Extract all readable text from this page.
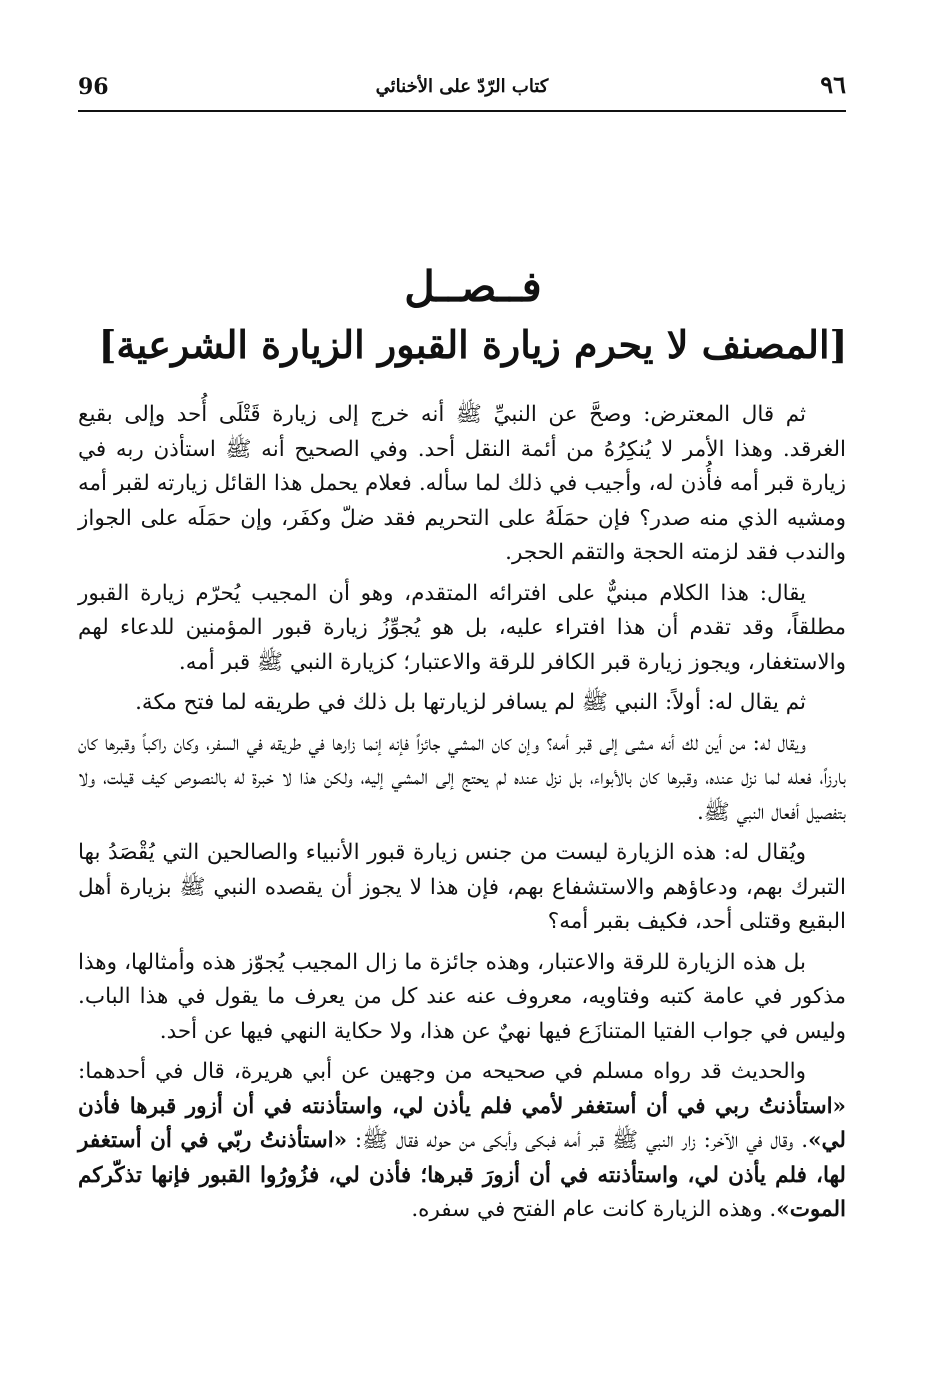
96	كتاب الرّدّ على الأخنائي	٩٦
فــصــل
[المصنف لا يحرم زيارة القبور الزيارة الشرعية]

ثم قال المعترض: وصحَّ عن النبيِّ ﷺ أنه خرج إلى زيارة قَتْلَى أُحد وإلى بقيع الغرقد. وهذا الأمر لا يُنكِرُهُ من أئمة النقل أحد. وفي الصحيح أنه ﷺ استأذن ربه في زيارة قبر أمه فأُذن له، وأجيب في ذلك لما سأله. فعلام يحمل هذا القائل زيارته لقبر أمه ومشيه الذي منه صدر؟ فإن حمَلَهُ على التحريم فقد ضلّ وكفَر، وإن حمَلَه على الجواز والندب فقد لزمته الحجة والتقم الحجر.

يقال: هذا الكلام مبنيٌّ على افترائه المتقدم، وهو أن المجيب يُحرّم زيارة القبور مطلقاً، وقد تقدم أن هذا افتراء عليه، بل هو يُجوِّزُ زيارة قبور المؤمنين للدعاء لهم والاستغفار، ويجوز زيارة قبر الكافر للرقة والاعتبار؛ كزيارة النبي ﷺ قبر أمه.

ثم يقال له: أولاً: النبي ﷺ لم يسافر لزيارتها بل ذلك في طريقه لما فتح مكة.

ويقال له: من أين لك أنه مشى إلى قبر أمه؟ وإن كان المشي جائزاً فإنه إنما زارها في طريقه في السفر، وكان راكباً وقبرها كان بارزاً، فعله لما نزل عنده، وقبرها كان بالأبواء، بل نزل عنده لم يحتج إلى المشي إليه، ولكن هذا لا خبرة له بالنصوص كيف قيلت، ولا بتفصيل أفعال النبي ﷺ.

ويُقال له: هذه الزيارة ليست من جنس زيارة قبور الأنبياء والصالحين التي يُقْصَدُ بها التبرك بهم، ودعاؤهم والاستشفاع بهم، فإن هذا لا يجوز أن يقصده النبي ﷺ بزيارة أهل البقيع وقتلى أحد، فكيف بقبر أمه؟

بل هذه الزيارة للرقة والاعتبار، وهذه جائزة ما زال المجيب يُجوّز هذه وأمثالها، وهذا مذكور في عامة كتبه وفتاويه، معروف عنه عند كل من يعرف ما يقول في هذا الباب. وليس في جواب الفتيا المتنازَع فيها نهيٌ عن هذا، ولا حكاية النهي فيها عن أحد.

والحديث قد رواه مسلم في صحيحه من وجهين عن أبي هريرة، قال في أحدهما: «استأذنتُ ربي في أن أستغفر لأمي فلم يأذن لي، واستأذنته في أن أزور قبرها فأذن لي». وقال في الآخر: زار النبي ﷺ قبر أمه فبكى وأبكى من حوله فقال ﷺ: «استأذنتُ ربّي في أن أستغفر لها، فلم يأذن لي، واستأذنته في أن أزورَ قبرها؛ فأذن لي، فزُورُوا القبور فإنها تذكّركم الموت». وهذه الزيارة كانت عام الفتح في سفره.
